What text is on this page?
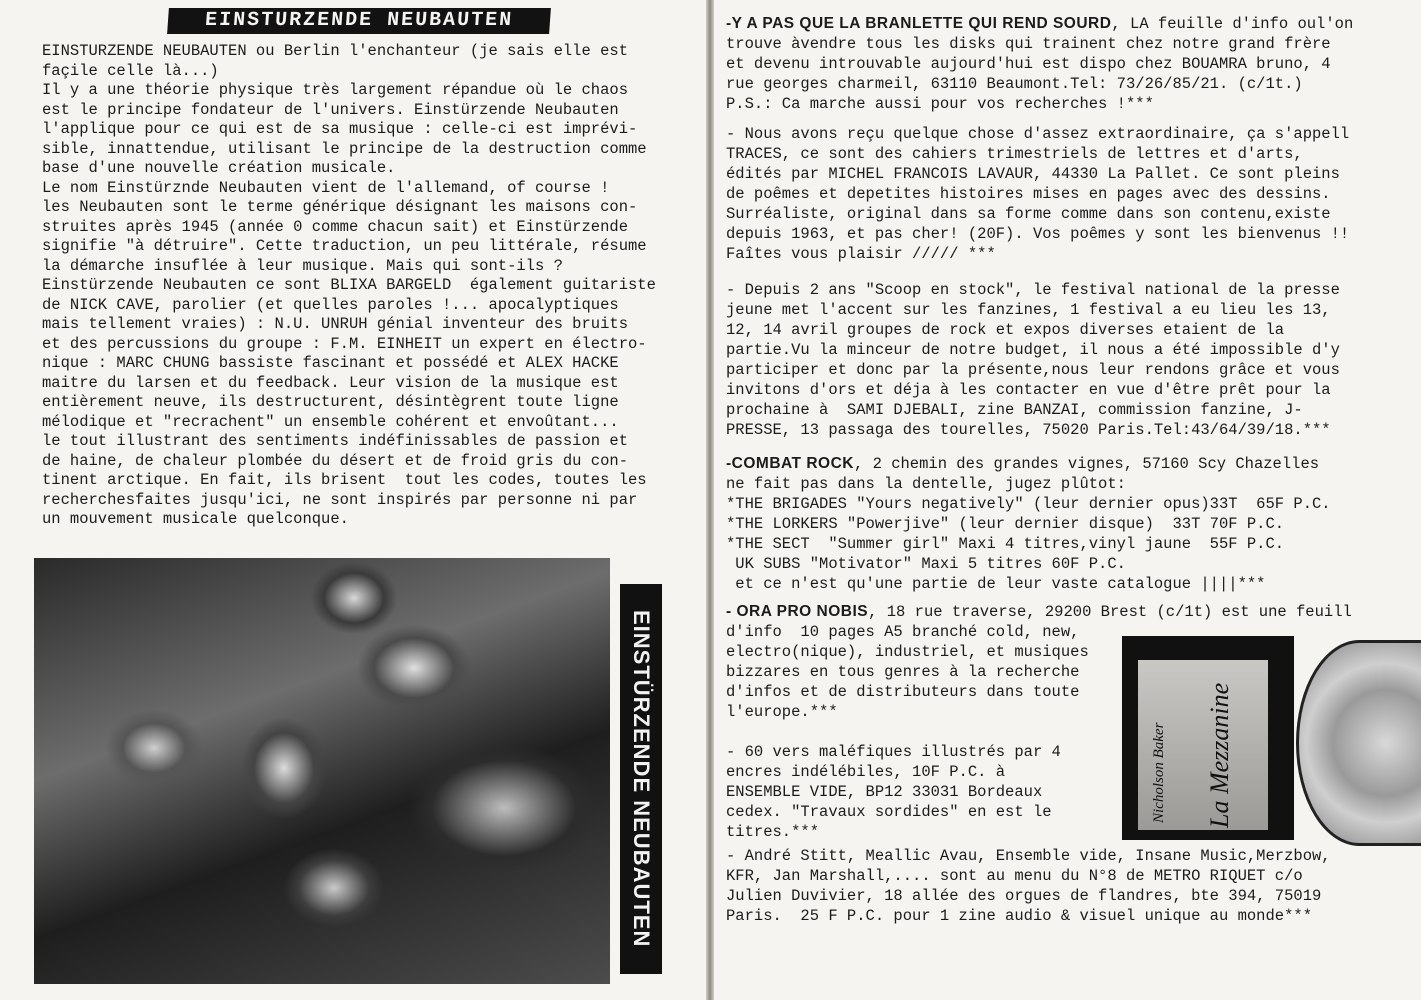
EINSTURZENDE NEUBAUTEN
EINSTURZENDE NEUBAUTEN ou Berlin l'enchanteur (je sais elle est
façile celle là...)
Il y a une théorie physique très largement répandue où le chaos
est le principe fondateur de l'univers. Einstürzende Neubauten
l'applique pour ce qui est de sa musique : celle-ci est imprévi-
sible, innattendue, utilisant le principe de la destruction comme
base d'une nouvelle création musicale.
Le nom Einstürznde Neubauten vient de l'allemand, of course !
les Neubauten sont le terme générique désignant les maisons con-
struites après 1945 (année 0 comme chacun sait) et Einstürzende
signifie "à détruire". Cette traduction, un peu littérale, résume
la démarche insuflée à leur musique. Mais qui sont-ils ?
Einstürzende Neubauten ce sont BLIXA BARGELD  également guitariste
de NICK CAVE, parolier (et quelles paroles !... apocalyptiques
mais tellement vraies) : N.U. UNRUH génial inventeur des bruits
et des percussions du groupe : F.M. EINHEIT un expert en électro-
nique : MARC CHUNG bassiste fascinant et possédé et ALEX HACKE
maitre du larsen et du feedback. Leur vision de la musique est
entièrement neuve, ils destructurent, désintègrent toute ligne
mélodique et "recrachent" un ensemble cohérent et envoûtant...
le tout illustrant des sentiments indéfinissables de passion et
de haine, de chaleur plombée du désert et de froid gris du con-
tinent arctique. En fait, ils brisent  tout les codes, toutes les
recherchesfaites jusqu'ici, ne sont inspirés par personne ni par
un mouvement musicale quelconque.

EINSTÜRZENDE NEUBAUTEN
-Y A PAS QUE LA BRANLETTE QUI REND SOURD, LA feuille d'info oul'on
trouve àvendre tous les disks qui trainent chez notre grand frère
et devenu introuvable aujourd'hui est dispo chez BOUAMRA bruno, 4
rue georges charmeil, 63110 Beaumont.Tel: 73/26/85/21. (c/1t.)
P.S.: Ca marche aussi pour vos recherches !***
- Nous avons reçu quelque chose d'assez extraordinaire, ça s'appell
TRACES, ce sont des cahiers trimestriels de lettres et d'arts,
édités par MICHEL FRANCOIS LAVAUR, 44330 La Pallet. Ce sont pleins
de poêmes et depetites histoires mises en pages avec des dessins.
Surréaliste, original dans sa forme comme dans son contenu,existe
depuis 1963, et pas cher! (20F). Vos poêmes y sont les bienvenus !!
Faîtes vous plaisir ///// ***
- Depuis 2 ans "Scoop en stock", le festival national de la presse
jeune met l'accent sur les fanzines, 1 festival a eu lieu les 13,
12, 14 avril groupes de rock et expos diverses etaient de la
partie.Vu la minceur de notre budget, il nous a été impossible d'y
participer et donc par la présente,nous leur rendons grâce et vous
invitons d'ors et déja à les contacter en vue d'être prêt pour la
prochaine à  SAMI DJEBALI, zine BANZAI, commission fanzine, J-
PRESSE, 13 passaga des tourelles, 75020 Paris.Tel:43/64/39/18.***
-COMBAT ROCK, 2 chemin des grandes vignes, 57160 Scy Chazelles
ne fait pas dans la dentelle, jugez plûtot:
*THE BRIGADES "Yours negatively" (leur dernier opus)33T  65F P.C.
*THE LORKERS "Powerjive" (leur dernier disque)  33T 70F P.C.
*THE SECT  "Summer girl" Maxi 4 titres,vinyl jaune  55F P.C.
UK SUBS "Motivator" Maxi 5 titres 60F P.C.
et ce n'est qu'une partie de leur vaste catalogue ||||***
- ORA PRO NOBIS, 18 rue traverse, 29200 Brest (c/1t) est une feuill
d'info  10 pages A5 branché cold, new,
electro(nique), industriel, et musiques
bizzares en tous genres à la recherche
d'infos et de distributeurs dans toute
l'europe.***
- 60 vers maléfiques illustrés par 4
encres indélébiles, 10F P.C. à
ENSEMBLE VIDE, BP12 33031 Bordeaux
cedex. "Travaux sordides" en est le
titres.***
- André Stitt, Meallic Avau, Ensemble vide, Insane Music,Merzbow,
KFR, Jan Marshall,.... sont au menu du N°8 de METRO RIQUET c/o
Julien Duvivier, 18 allée des orgues de flandres, bte 394, 75019
Paris.  25 F P.C. pour 1 zine audio & visuel unique au monde***
Nicholson Baker La Mezzanine
